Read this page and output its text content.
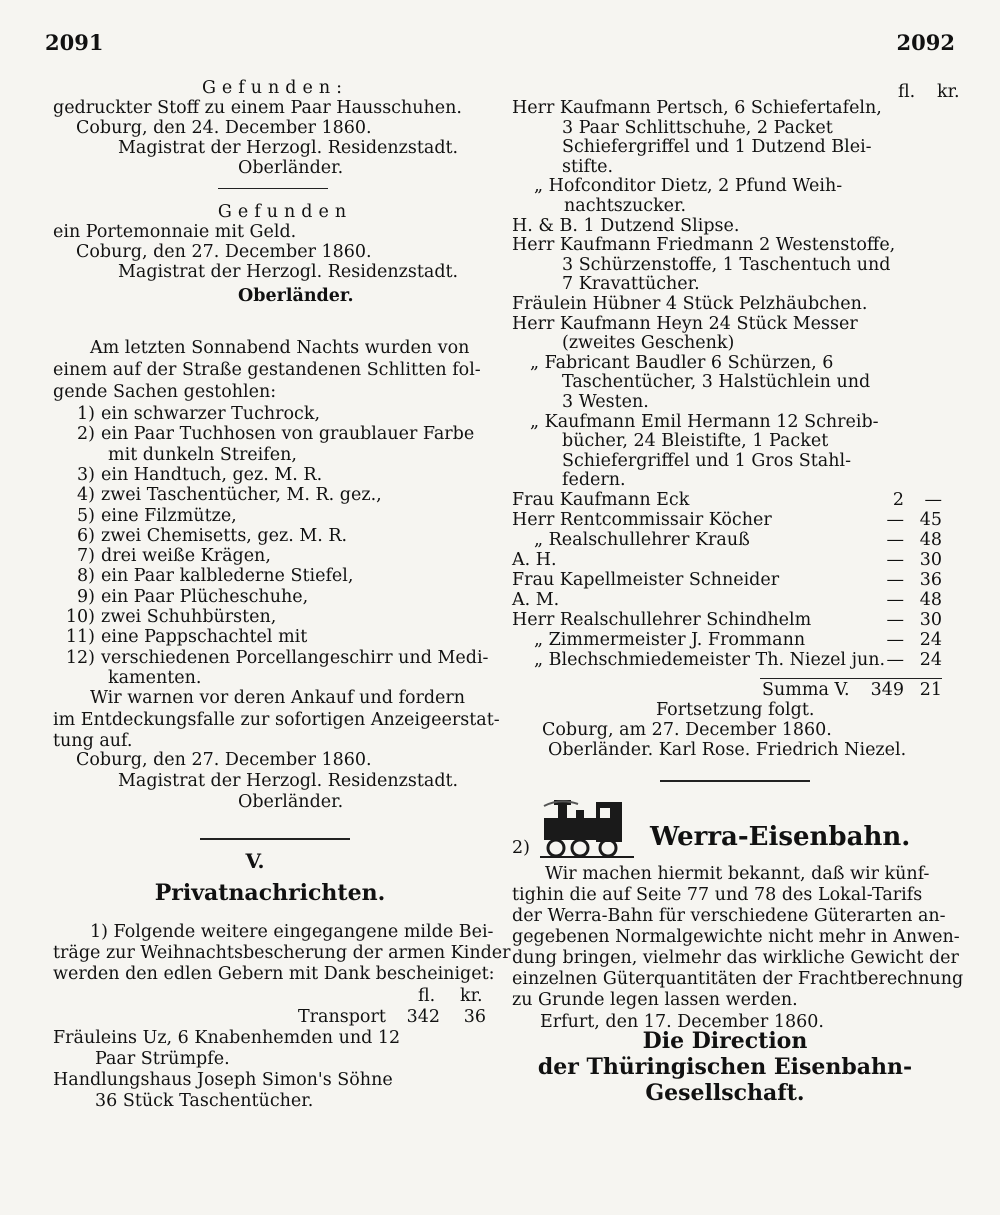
2091	2092
Gefunden:
gedruckter Stoff zu einem Paar Hausschuhen.
Coburg, den 24. December 1860.
Magistrat der Herzogl. Residenzstadt.
Oberländer.
Gefunden
ein Portemonnaie mit Geld.
Coburg, den 27. December 1860.
Magistrat der Herzogl. Residenzstadt.
Oberländer.
Am letzten Sonnabend Nachts wurden von
einem auf der Straße gestandenen Schlitten fol-
gende Sachen gestohlen:
1) ein schwarzer Tuchrock,
2) ein Paar Tuchhosen von graublauer Farbe
mit dunkeln Streifen,
3) ein Handtuch, gez. M. R.
4) zwei Taschentücher, M. R. gez.,
5) eine Filzmütze,
6) zwei Chemisetts, gez. M. R.
7) drei weiße Krägen,
8) ein Paar kalblederne Stiefel,
9) ein Paar Plücheschuhe,
10) zwei Schuhbürsten,
11) eine Pappschachtel mit
12) verschiedenen Porcellangeschirr und Medi-
kamenten.
Wir warnen vor deren Ankauf und fordern
im Entdeckungsfalle zur sofortigen Anzeigeerstat-
tung auf.
Coburg, den 27. December 1860.
Magistrat der Herzogl. Residenzstadt.
Oberländer.
V.
Privatnachrichten.
1) Folgende weitere eingegangene milde Bei-
träge zur Weihnachtsbescherung der armen Kinder
werden den edlen Gebern mit Dank bescheiniget:
fl. kr.
Transport	342	36
Fräuleins Uz, 6 Knabenhemden und 12
Paar Strümpfe.
Handlungshaus Joseph Simon's Söhne
36 Stück Taschentücher.
fl. kr.
Herr Kaufmann Pertsch, 6 Schiefertafeln,
3 Paar Schlittschuhe, 2 Packet
Schiefergriffel und 1 Dutzend Blei-
stifte.
„ Hofconditor Dietz, 2 Pfund Weih-
nachtszucker.
H. & B. 1 Dutzend Slipse.
Herr Kaufmann Friedmann 2 Westenstoffe,
3 Schürzenstoffe, 1 Taschentuch und
7 Kravattücher.
Fräulein Hübner 4 Stück Pelzhäubchen.
Herr Kaufmann Heyn 24 Stück Messer
(zweites Geschenk)
„ Fabricant Baudler 6 Schürzen, 6
Taschentücher, 3 Halstüchlein und
3 Westen.
„ Kaufmann Emil Hermann 12 Schreib-
bücher, 24 Bleistifte, 1 Packet
Schiefergriffel und 1 Gros Stahl-
federn.
Frau Kaufmann Eck	2	—
Herr Rentcommissair Köcher	— 45
„ Realschullehrer Krauß	— 48
A. H.	— 30
Frau Kapellmeister Schneider	— 36
A. M.	— 48
Herr Realschullehrer Schindhelm	— 30
„ Zimmermeister J. Frommann	— 24
„ Blechschmiedemeister Th. Niezel jun. — 24
Summa V.	349 21
Fortsetzung folgt.
Coburg, am 27. December 1860.
Oberländer. Karl Rose. Friedrich Niezel.
2)	Werra-Eisenbahn.
Wir machen hiermit bekannt, daß wir künf-
tighin die auf Seite 77 und 78 des Lokal-Tarifs
der Werra-Bahn für verschiedene Güterarten an-
gegebenen Normalgewichte nicht mehr in Anwen-
dung bringen, vielmehr das wirkliche Gewicht der
einzelnen Güterquantitäten der Frachtberechnung
zu Grunde legen lassen werden.
Erfurt, den 17. December 1860.
Die Direction
der Thüringischen Eisenbahn-
Gesellschaft.
